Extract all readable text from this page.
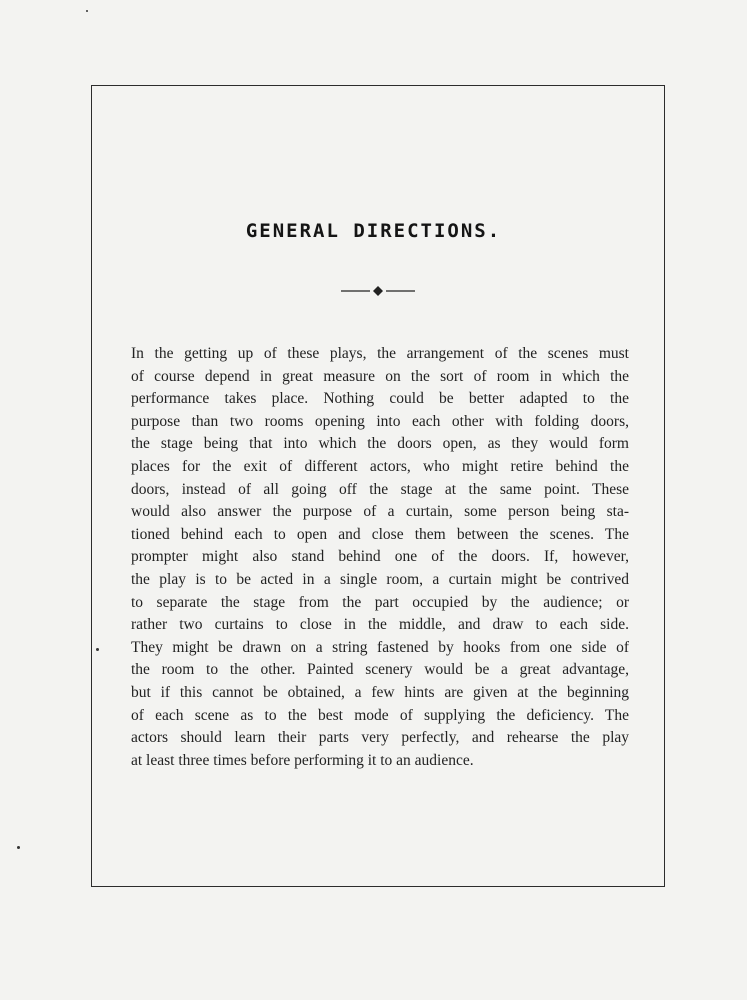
GENERAL DIRECTIONS.
In the getting up of these plays, the arrangement of the scenes must
of course depend in great measure on the sort of room in which the
performance takes place. Nothing could be better adapted to the
purpose than two rooms opening into each other with folding doors,
the stage being that into which the doors open, as they would form
places for the exit of different actors, who might retire behind the
doors, instead of all going off the stage at the same point. These
would also answer the purpose of a curtain, some person being sta-
tioned behind each to open and close them between the scenes. The
prompter might also stand behind one of the doors. If, however,
the play is to be acted in a single room, a curtain might be contrived
to separate the stage from the part occupied by the audience; or
rather two curtains to close in the middle, and draw to each side.
They might be drawn on a string fastened by hooks from one side of
the room to the other. Painted scenery would be a great advantage,
but if this cannot be obtained, a few hints are given at the beginning
of each scene as to the best mode of supplying the deficiency. The
actors should learn their parts very perfectly, and rehearse the play
at least three times before performing it to an audience.
